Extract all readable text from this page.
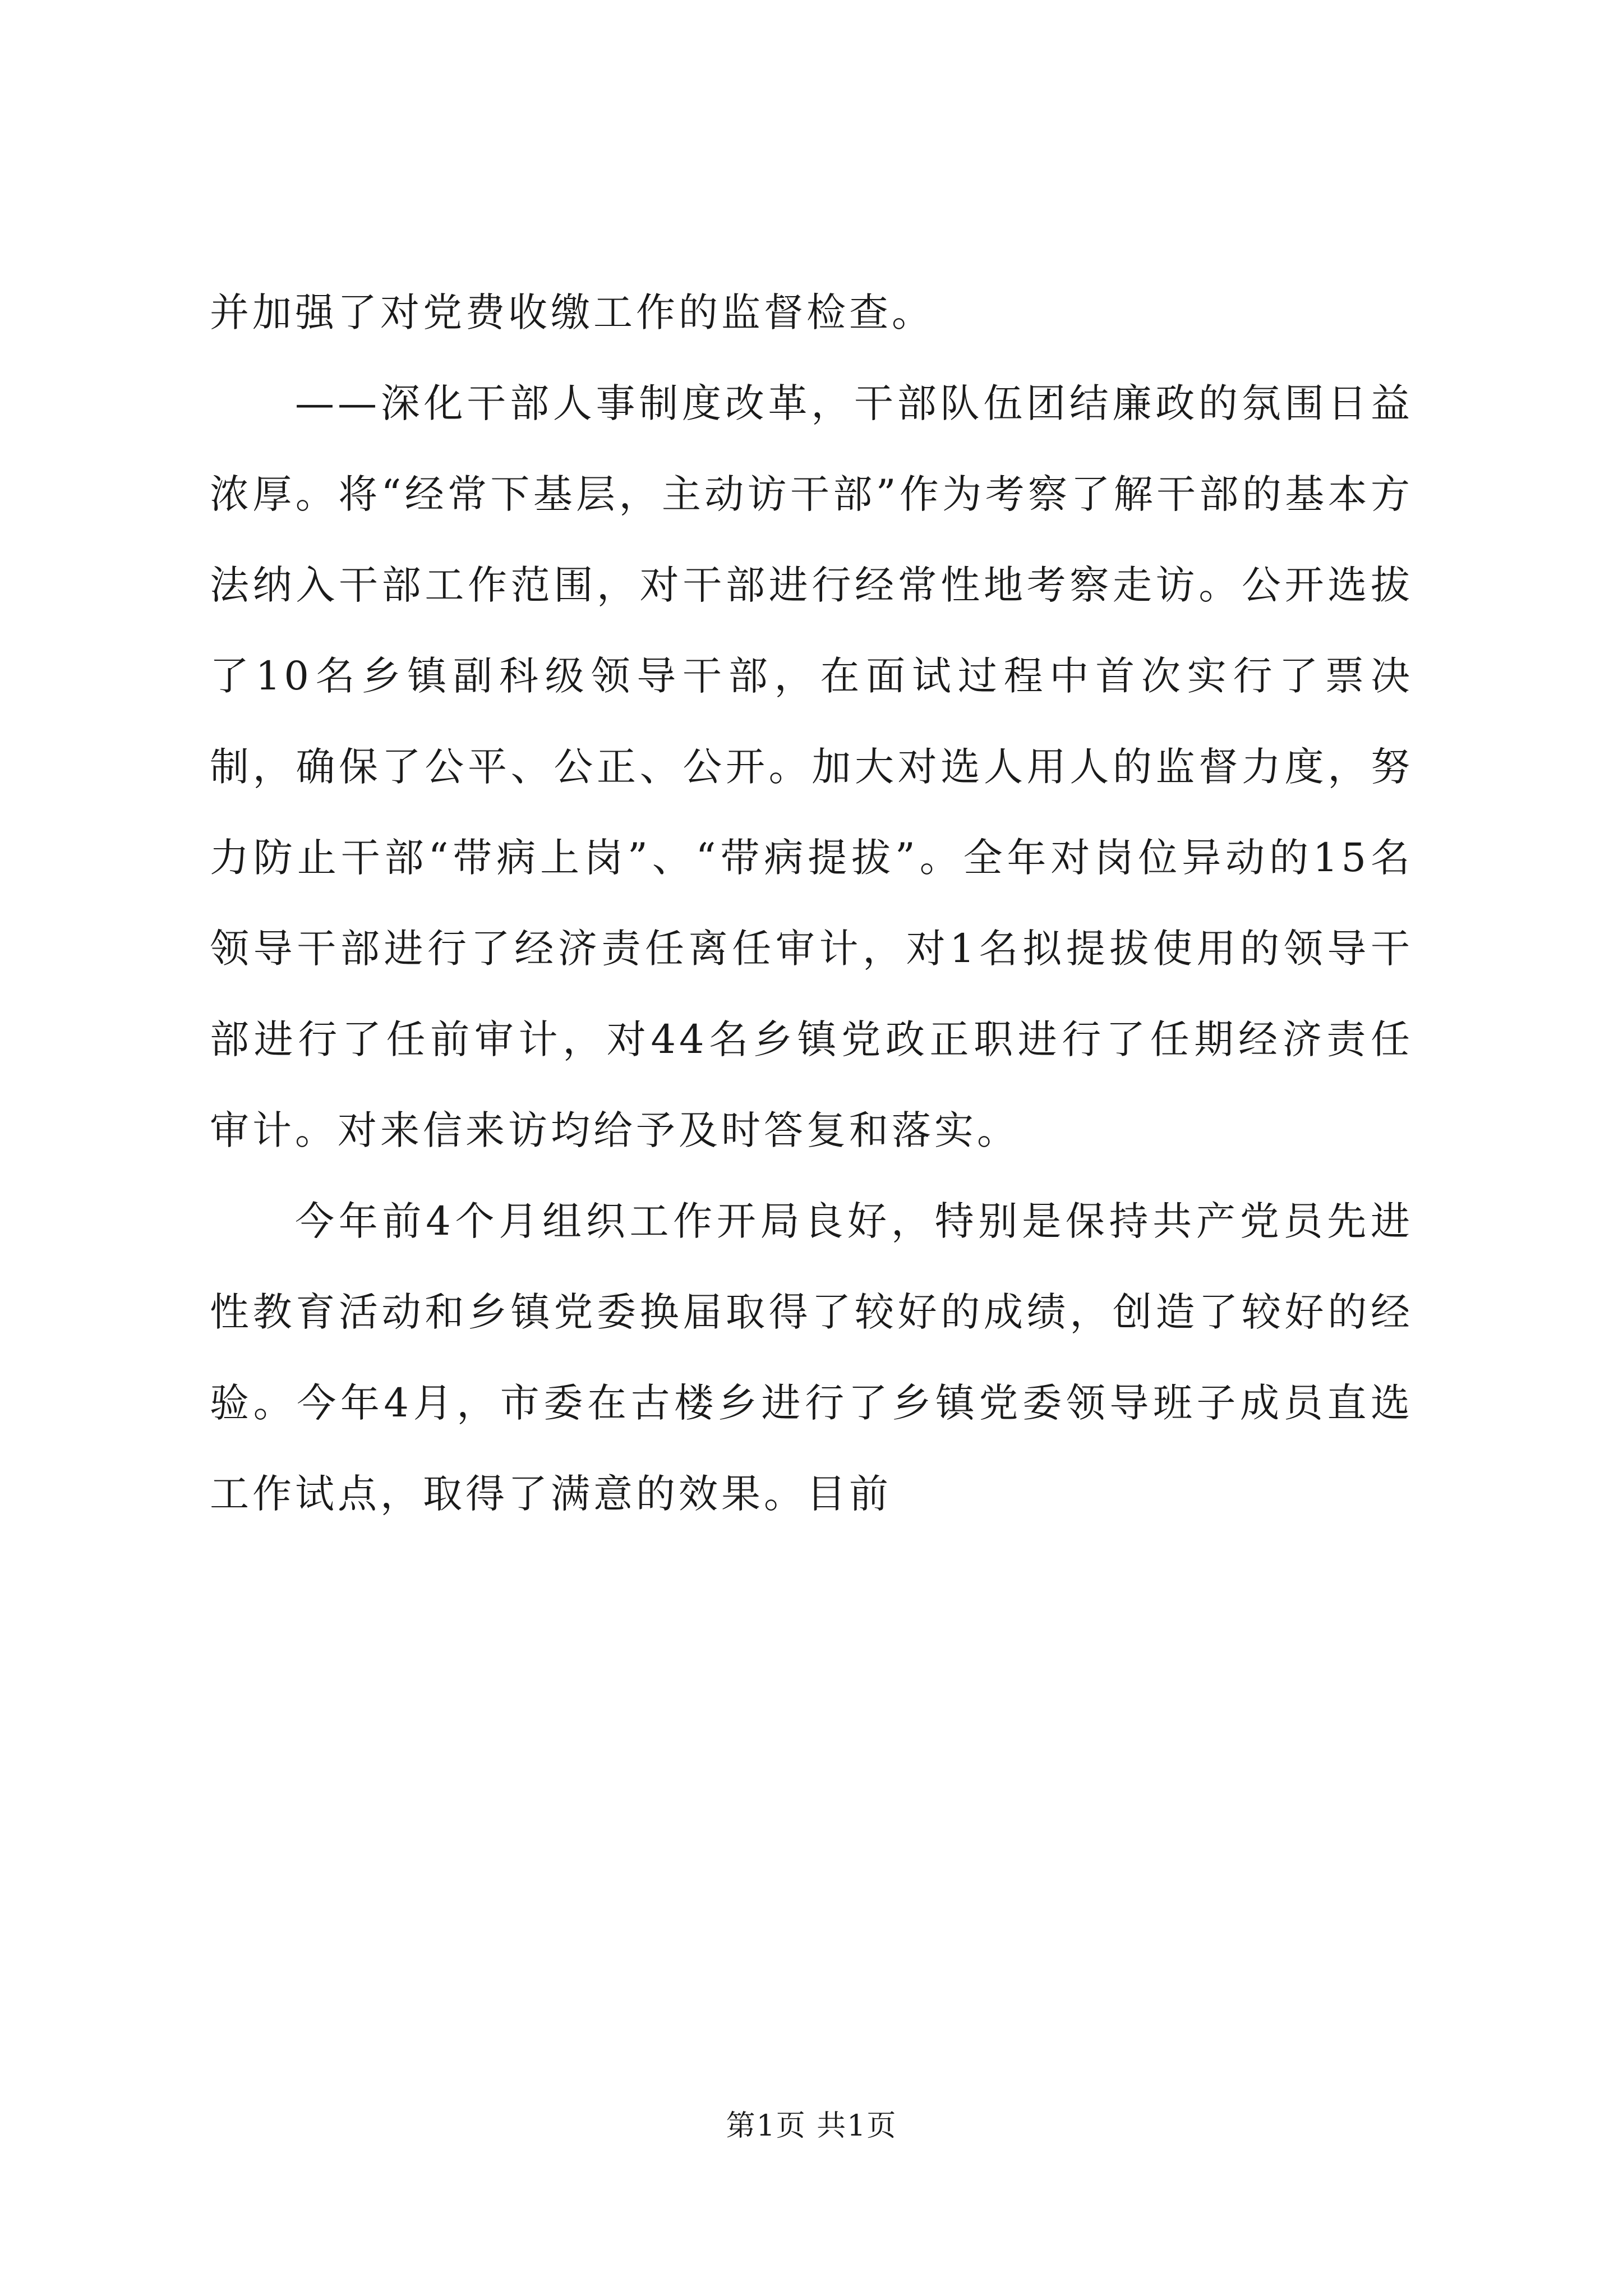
并加强了对党费收缴工作的监督检查。

——深化干部人事制度改革，干部队伍团结廉政的氛围日益浓厚。将“经常下基层，主动访干部”作为考察了解干部的基本方法纳入干部工作范围，对干部进行经常性地考察走访。公开选拔了10名乡镇副科级领导干部，在面试过程中首次实行了票决制，确保了公平、公正、公开。加大对选人用人的监督力度，努力防止干部“带病上岗”、“带病提拔”。全年对岗位异动的15名领导干部进行了经济责任离任审计，对1名拟提拔使用的领导干部进行了任前审计，对44名乡镇党政正职进行了任期经济责任审计。对来信来访均给予及时答复和落实。

今年前4个月组织工作开局良好，特别是保持共产党员先进性教育活动和乡镇党委换届取得了较好的成绩，创造了较好的经验。今年4月，市委在古楼乡进行了乡镇党委领导班子成员直选工作试点，取得了满意的效果。目前

第1页 共1页
